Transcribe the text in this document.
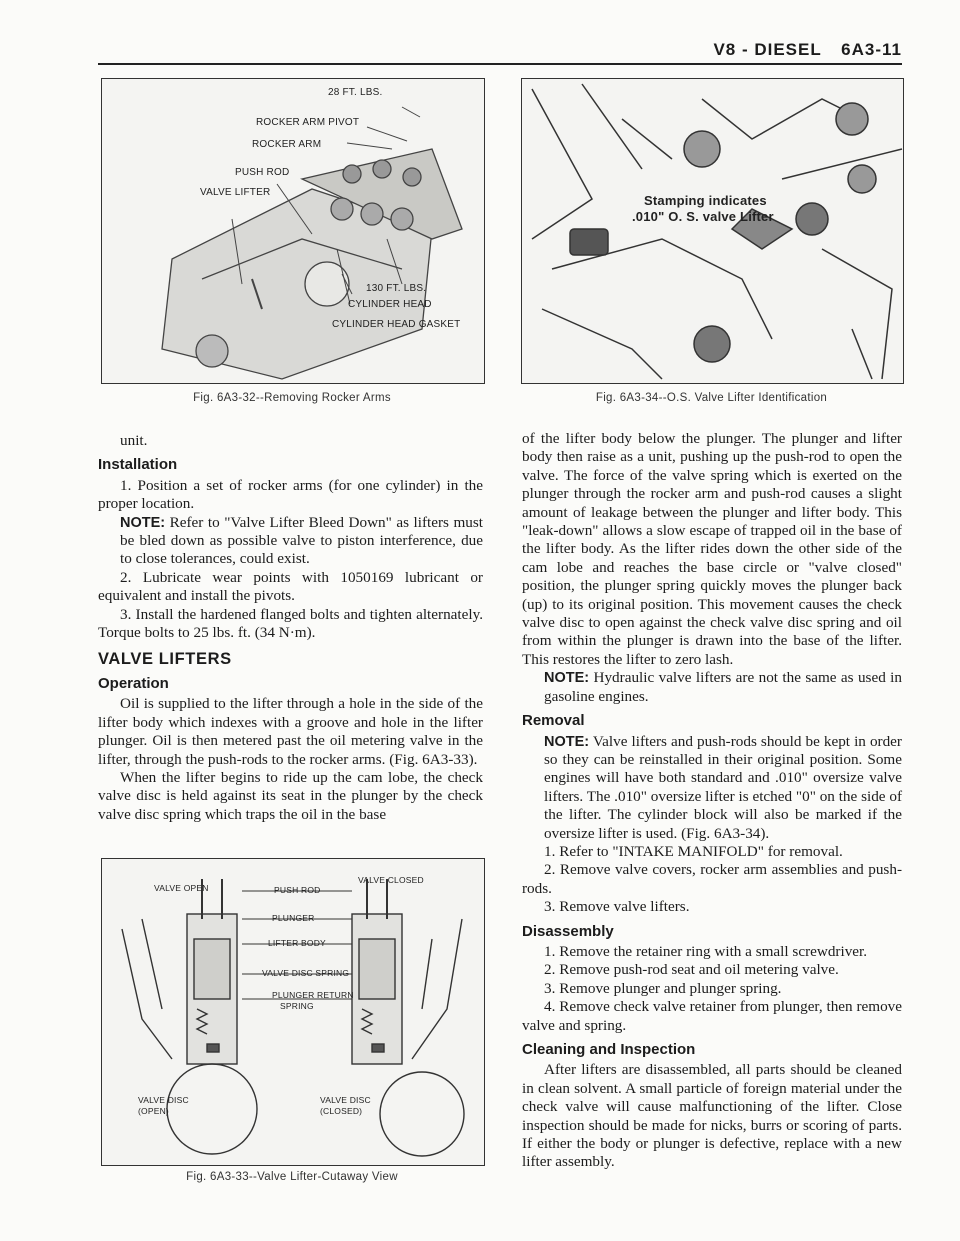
V8 - DIESEL 6A3-11
28 FT. LBS.
ROCKER ARM PIVOT
ROCKER ARM
PUSH ROD
VALVE LIFTER
130 FT. LBS.
CYLINDER HEAD
CYLINDER HEAD GASKET
Fig. 6A3-32--Removing Rocker Arms
Stamping indicates
.010" O. S. valve Lifter
Fig. 6A3-34--O.S. Valve Lifter Identification

unit.

Installation

1. Position a set of rocker arms (for one cylinder) in the proper location.

NOTE: Refer to "Valve Lifter Bleed Down" as lifters must be bled down as possible valve to piston interference, due to close tolerances, could exist.

2. Lubricate wear points with 1050169 lubricant or equivalent and install the pivots.

3. Install the hardened flanged bolts and tighten alternately. Torque bolts to 25 lbs. ft. (34 N·m).

VALVE LIFTERS
Operation

Oil is supplied to the lifter through a hole in the side of the lifter body which indexes with a groove and hole in the lifter plunger. Oil is then metered past the oil metering valve in the lifter, through the push-rods to the rocker arms. (Fig. 6A3-33).

When the lifter begins to ride up the cam lobe, the check valve disc is held against its seat in the plunger by the check valve disc spring which traps the oil in the base

VALVE OPEN
VALVE CLOSED
PUSH ROD
PLUNGER
LIFTER BODY
VALVE DISC SPRING
PLUNGER RETURN
SPRING
VALVE DISC
(OPEN)
VALVE DISC
(CLOSED)
Fig. 6A3-33--Valve Lifter-Cutaway View

of the lifter body below the plunger. The plunger and lifter body then raise as a unit, pushing up the push-rod to open the valve. The force of the valve spring which is exerted on the plunger through the rocker arm and push-rod causes a slight amount of leakage between the plunger and lifter body. This "leak-down" allows a slow escape of trapped oil in the base of the lifter body. As the lifter rides down the other side of the cam lobe and reaches the base circle or "valve closed" position, the plunger spring quickly moves the plunger back (up) to its original position. This movement causes the check valve disc to open against the check valve disc spring and oil from within the plunger is drawn into the base of the lifter. This restores the lifter to zero lash.

NOTE: Hydraulic valve lifters are not the same as used in gasoline engines.

Removal

NOTE: Valve lifters and push-rods should be kept in order so they can be reinstalled in their original position. Some engines will have both standard and .010" oversize valve lifters. The .010" oversize lifter is etched "0" on the side of the lifter. The cylinder block will also be marked if the oversize lifter is used. (Fig. 6A3-34).

1. Refer to "INTAKE MANIFOLD" for removal.

2. Remove valve covers, rocker arm assemblies and push-rods.

3. Remove valve lifters.

Disassembly

1. Remove the retainer ring with a small screwdriver.

2. Remove push-rod seat and oil metering valve.

3. Remove plunger and plunger spring.

4. Remove check valve retainer from plunger, then remove valve and spring.

Cleaning and Inspection

After lifters are disassembled, all parts should be cleaned in clean solvent. A small particle of foreign material under the check valve will cause malfunctioning of the lifter. Close inspection should be made for nicks, burrs or scoring of parts. If either the body or plunger is defective, replace with a new lifter assembly.
